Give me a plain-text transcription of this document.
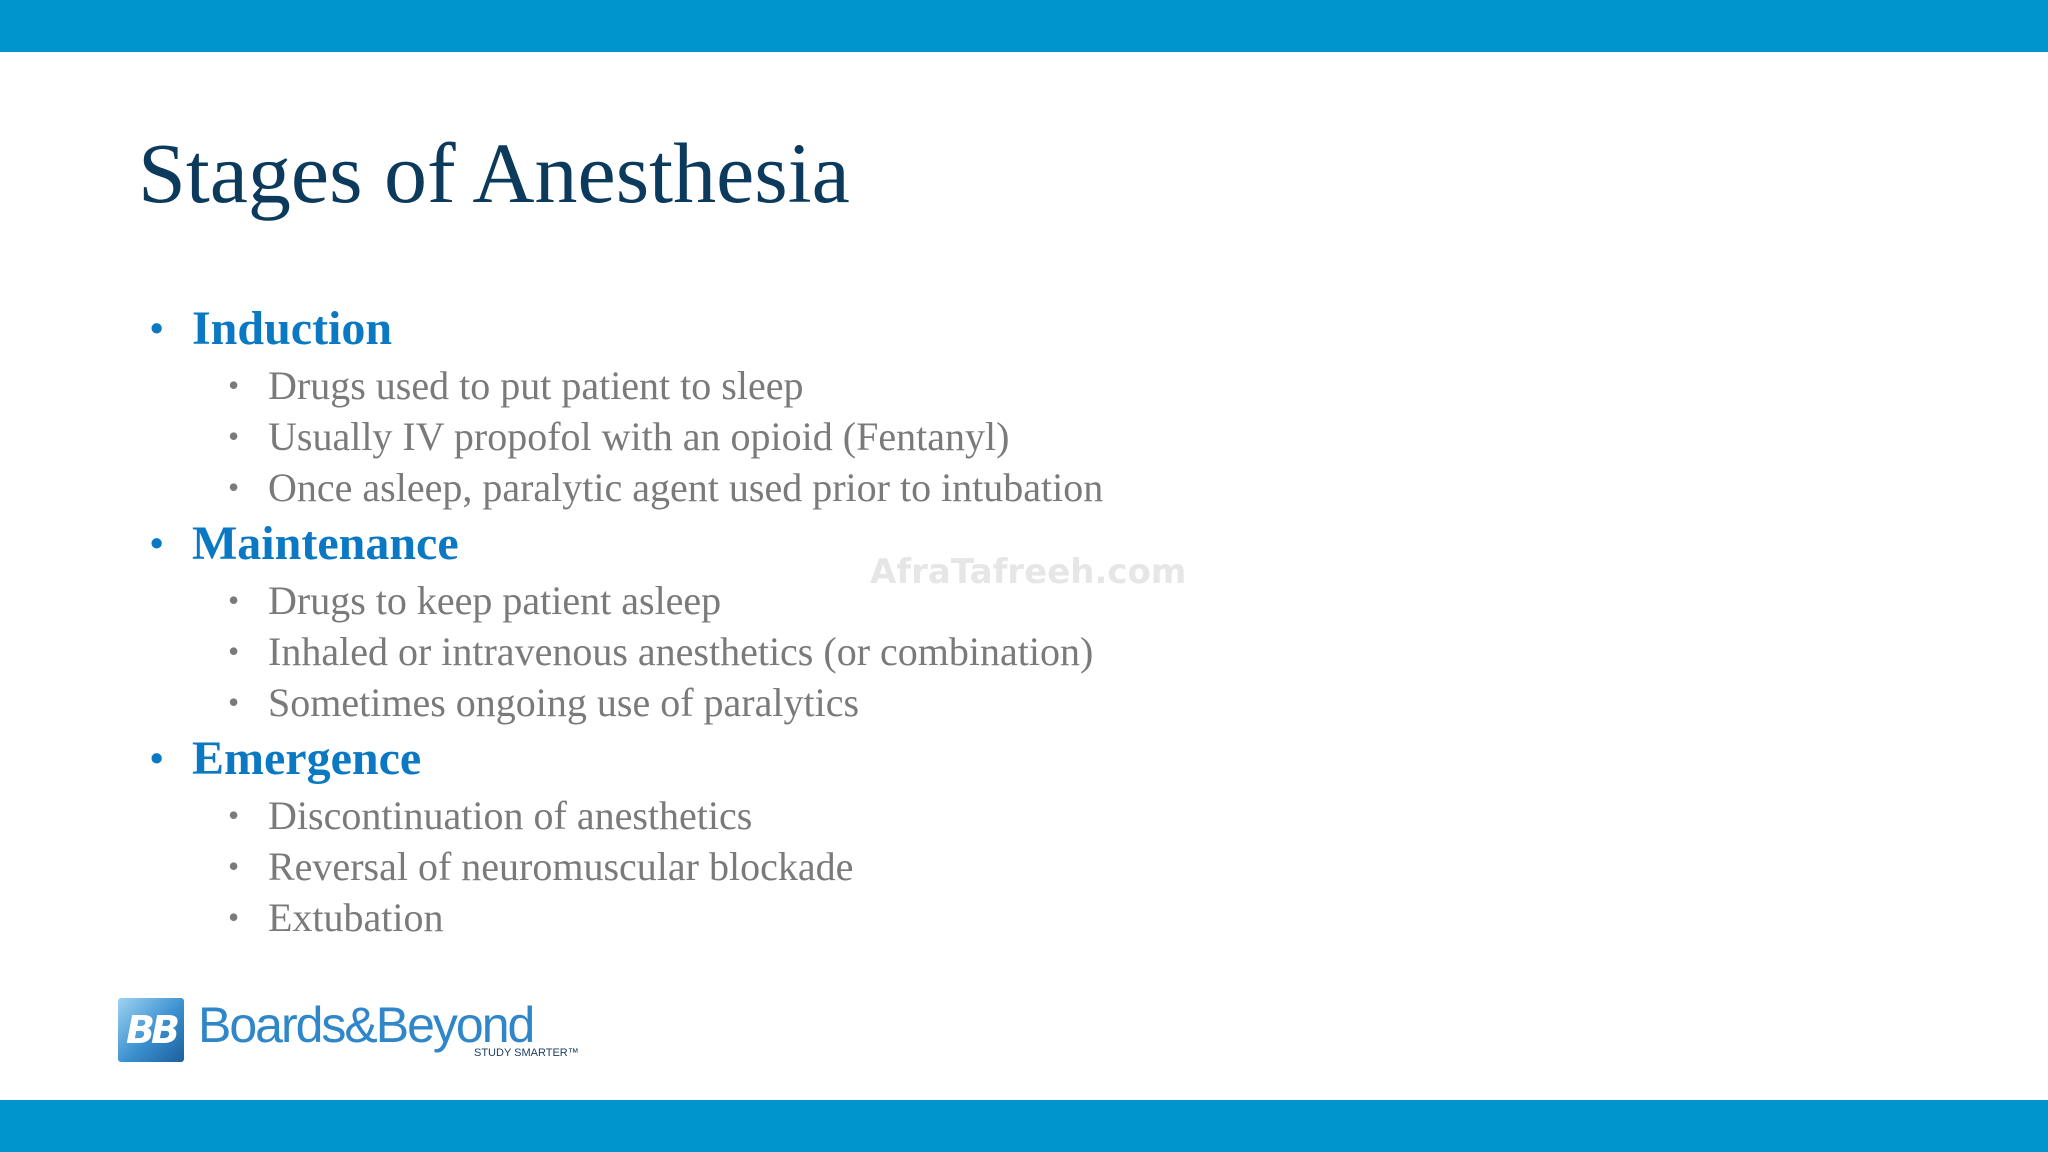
Stages of Anesthesia
• Induction
• Drugs used to put patient to sleep
• Usually IV propofol with an opioid (Fentanyl)
• Once asleep, paralytic agent used prior to intubation
• Maintenance
• Drugs to keep patient asleep
• Inhaled or intravenous anesthetics (or combination)
• Sometimes ongoing use of paralytics
• Emergence
• Discontinuation of anesthetics
• Reversal of neuromuscular blockade
• Extubation
AfraTafreeh.com
BB Boards&Beyond
STUDY SMARTER™
